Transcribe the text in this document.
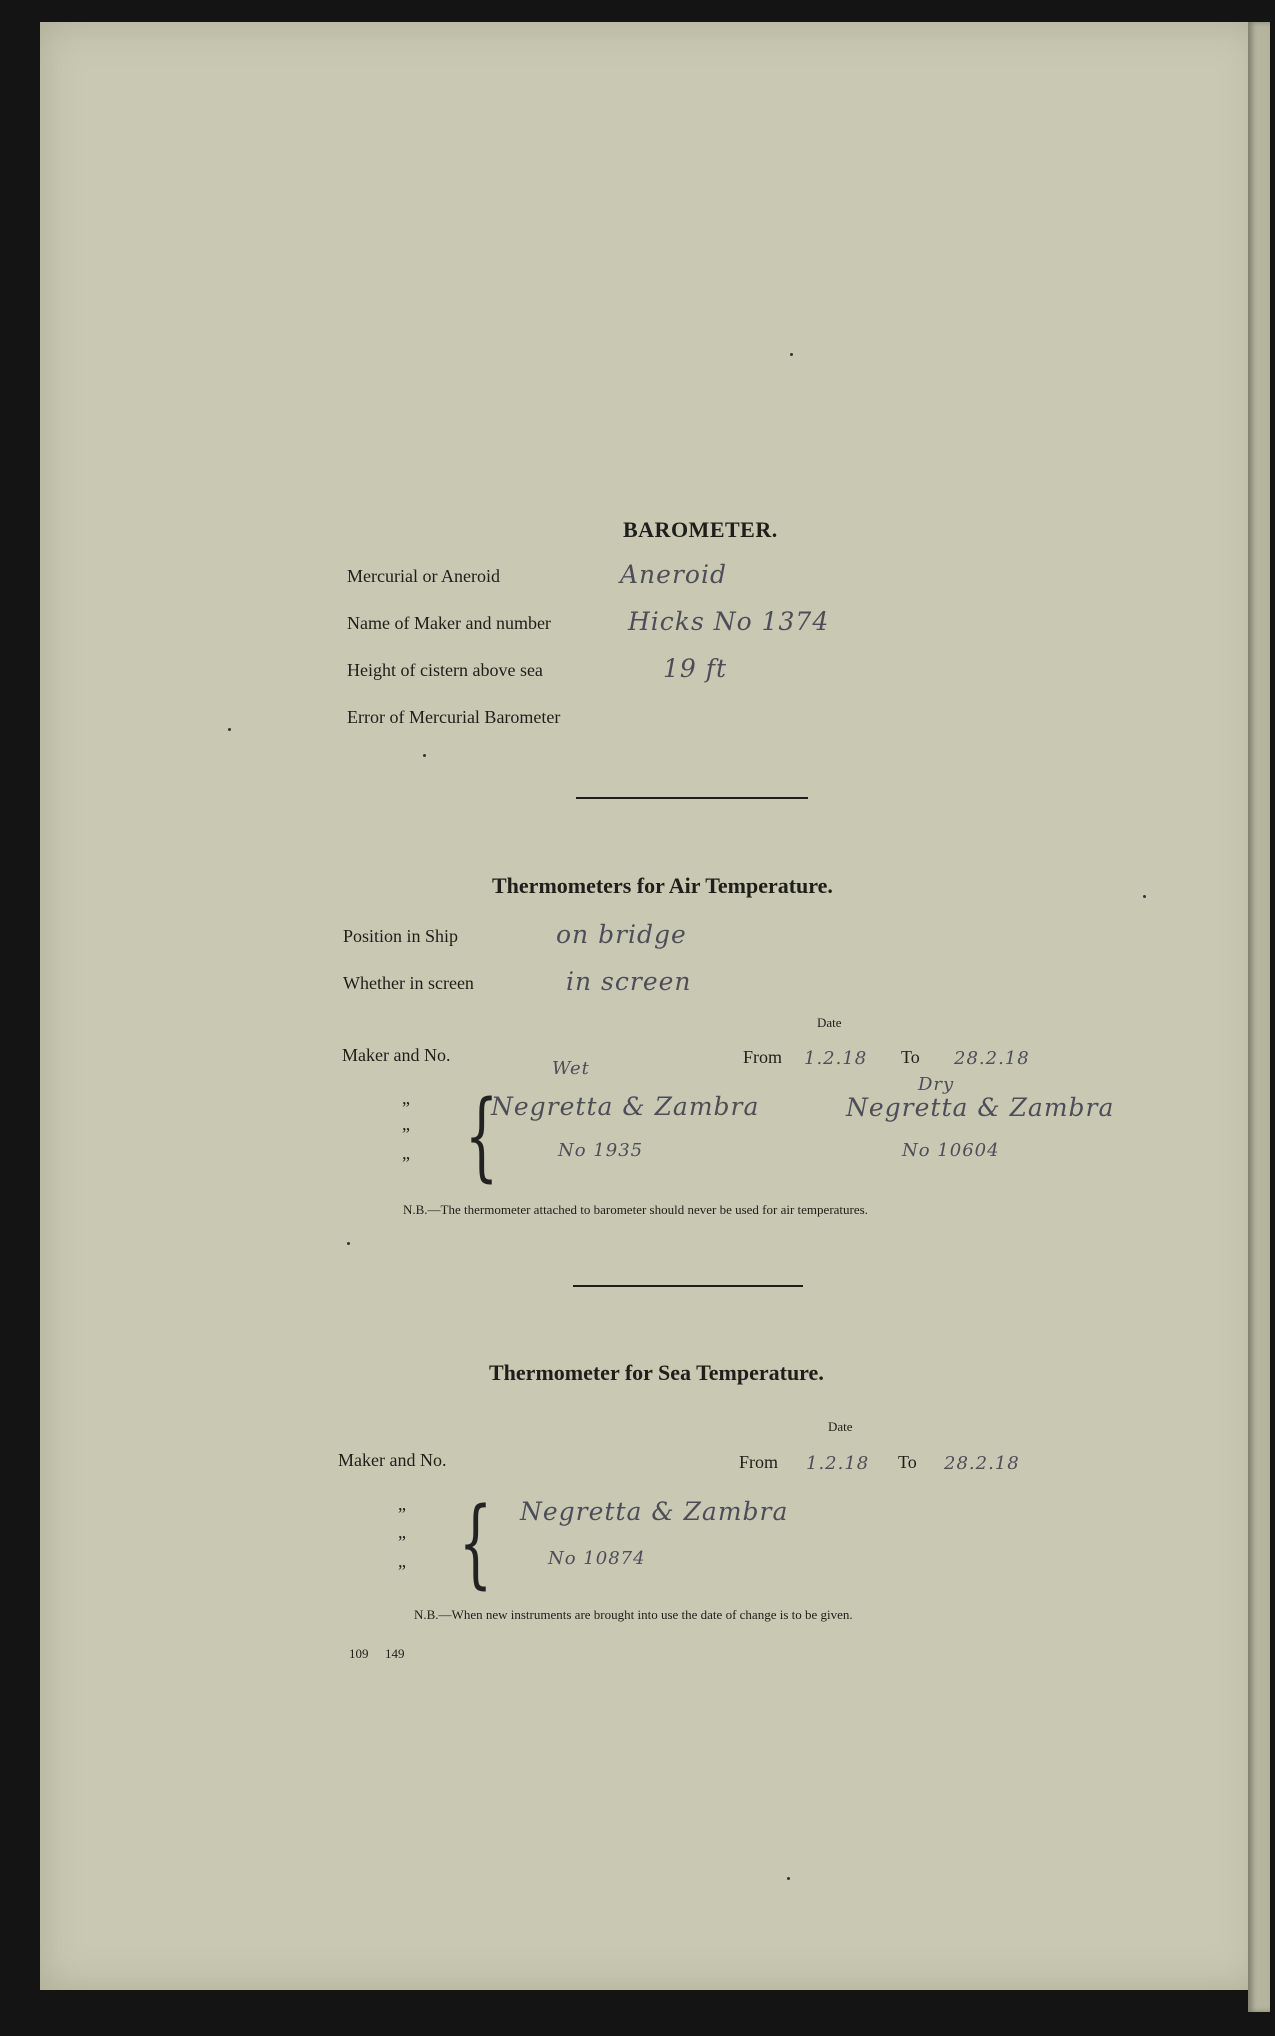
BAROMETER.
Mercurial or Aneroid	Aneroid
Name of Maker and number	Hicks No 1374
Height of cistern above sea	19 ft
Error of Mercurial Barometer
Thermometers for Air Temperature.
Position in Ship	on bridge
Whether in screen	in screen
Date
Maker and No.	From 1.2.18 To 28.2.18
”
”
” {
Wet
Dry
Negretta & Zambra	Negretta & Zambra
No 1935	No 10604
N.B.—The thermometer attached to barometer should never be used for air temperatures.
Thermometer for Sea Temperature.
Date
Maker and No.	From 1.2.18 To 28.2.18
”
”
” { Negretta & Zambra
No 10874
N.B.—When new instruments are brought into use the date of change is to be given.
109 149
